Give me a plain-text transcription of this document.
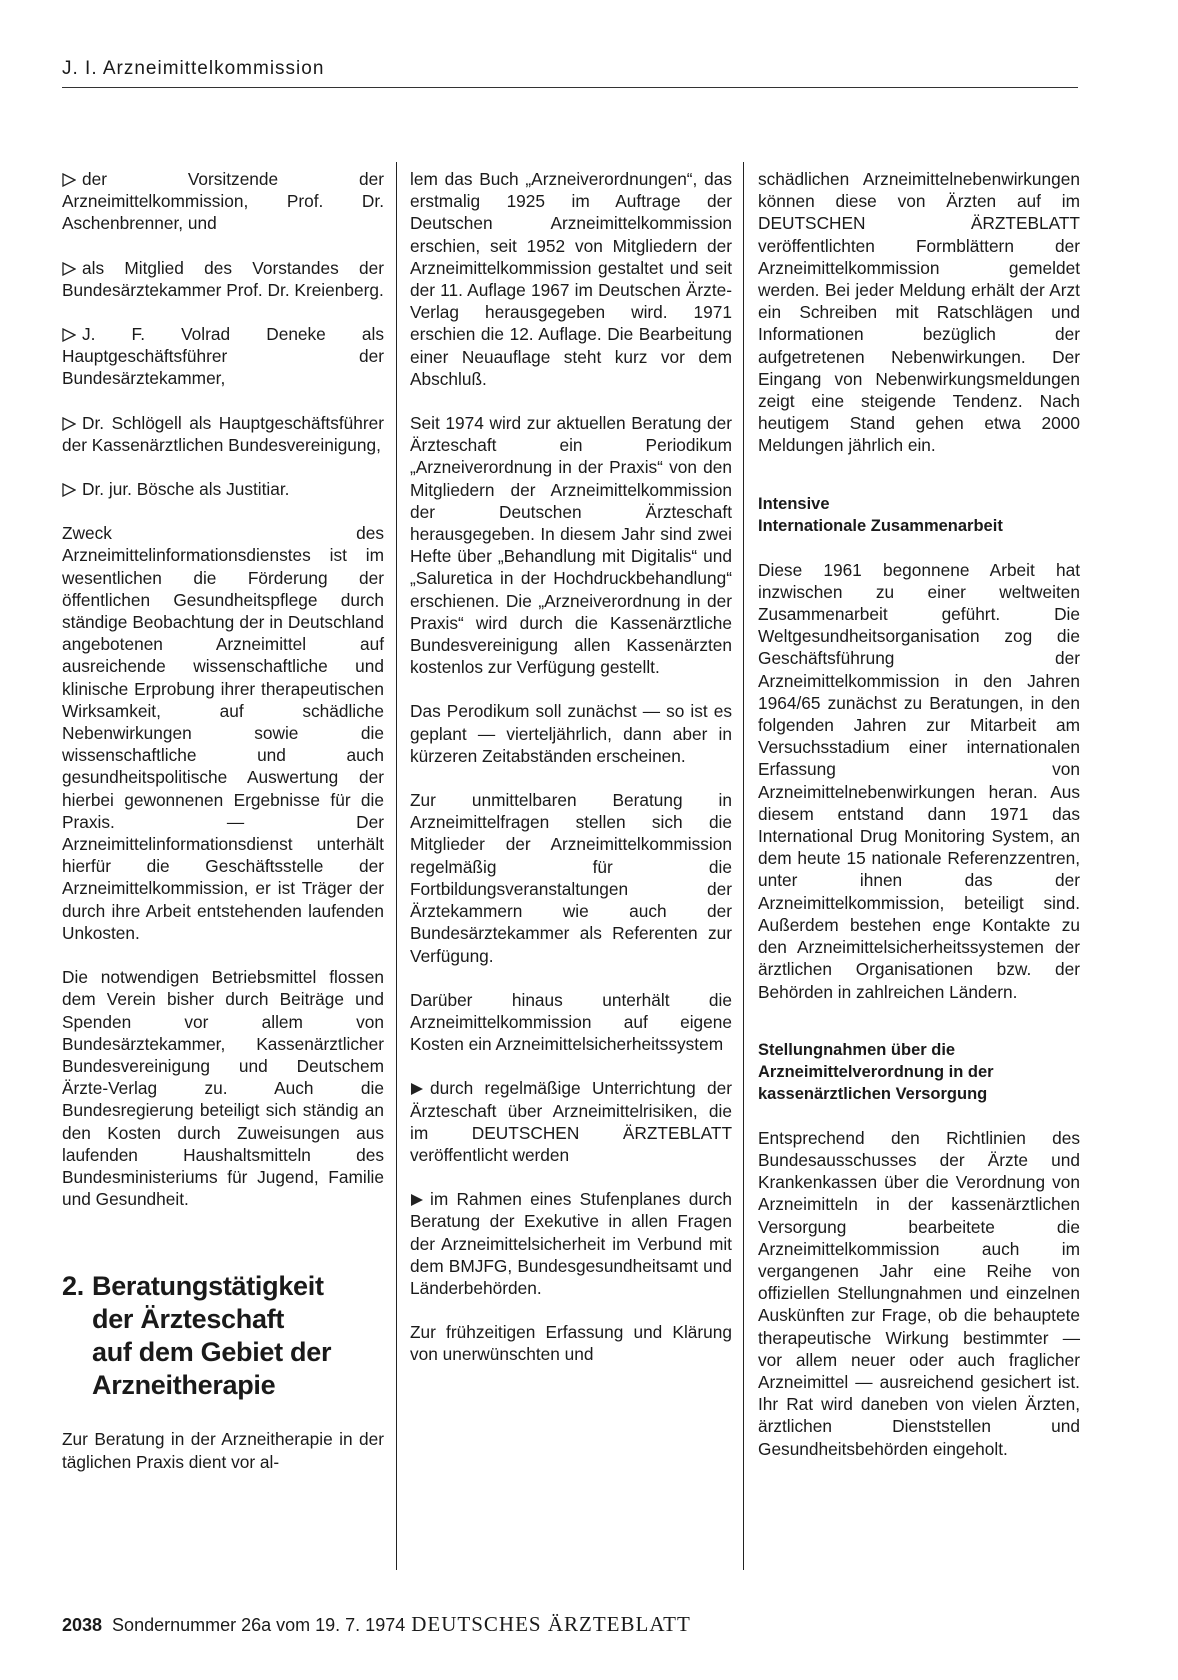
J. I. Arzneimittelkommission
der Vorsitzende der Arzneimittelkommission, Prof. Dr. Aschenbrenner, und
als Mitglied des Vorstandes der Bundesärztekammer Prof. Dr. Kreienberg.
J. F. Volrad Deneke als Hauptgeschäftsführer der Bundesärztekammer,
Dr. Schlögell als Hauptgeschäftsführer der Kassenärztlichen Bundesvereinigung,
Dr. jur. Bösche als Justitiar.

Zweck des Arzneimittelinformationsdienstes ist im wesentlichen die Förderung der öffentlichen Gesundheitspflege durch ständige Beobachtung der in Deutschland angebotenen Arzneimittel auf ausreichende wissenschaftliche und klinische Erprobung ihrer therapeutischen Wirksamkeit, auf schädliche Nebenwirkungen sowie die wissenschaftliche und auch gesundheitspolitische Auswertung der hierbei gewonnenen Ergebnisse für die Praxis. — Der Arzneimittelinformationsdienst unterhält hierfür die Geschäftsstelle der Arzneimittelkommission, er ist Träger der durch ihre Arbeit entstehenden laufenden Unkosten.

Die notwendigen Betriebsmittel flossen dem Verein bisher durch Beiträge und Spenden vor allem von Bundesärztekammer, Kassenärztlicher Bundesvereinigung und Deutschem Ärzte-Verlag zu. Auch die Bundesregierung beteiligt sich ständig an den Kosten durch Zuweisungen aus laufenden Haushaltsmitteln des Bundesministeriums für Jugend, Familie und Gesundheit.

2. Beratungstätigkeit
der Ärzteschaft
auf dem Gebiet der
Arzneitherapie

Zur Beratung in der Arzneitherapie in der täglichen Praxis dient vor al-

lem das Buch „Arzneiverordnungen“, das erstmalig 1925 im Auftrage der Deutschen Arzneimittelkommission erschien, seit 1952 von Mitgliedern der Arzneimittelkommission gestaltet und seit der 11. Auflage 1967 im Deutschen Ärzte-Verlag herausgegeben wird. 1971 erschien die 12. Auflage. Die Bearbeitung einer Neuauflage steht kurz vor dem Abschluß.

Seit 1974 wird zur aktuellen Beratung der Ärzteschaft ein Periodikum „Arzneiverordnung in der Praxis“ von den Mitgliedern der Arzneimittelkommission der Deutschen Ärzteschaft herausgegeben. In diesem Jahr sind zwei Hefte über „Behandlung mit Digitalis“ und „Saluretica in der Hochdruckbehandlung“ erschienen. Die „Arzneiverordnung in der Praxis“ wird durch die Kassenärztliche Bundesvereinigung allen Kassenärzten kostenlos zur Verfügung gestellt.

Das Perodikum soll zunächst — so ist es geplant — vierteljährlich, dann aber in kürzeren Zeitabständen erscheinen.

Zur unmittelbaren Beratung in Arzneimittelfragen stellen sich die Mitglieder der Arzneimittelkommission regelmäßig für die Fortbildungsveranstaltungen der Ärztekammern wie auch der Bundesärztekammer als Referenten zur Verfügung.

Darüber hinaus unterhält die Arzneimittelkommission auf eigene Kosten ein Arzneimittelsicherheitssystem

durch regelmäßige Unterrichtung der Ärzteschaft über Arzneimittelrisiken, die im DEUTSCHEN ÄRZTEBLATT veröffentlicht werden
im Rahmen eines Stufenplanes durch Beratung der Exekutive in allen Fragen der Arzneimittelsicherheit im Verbund mit dem BMJFG, Bundesgesundheitsamt und Länderbehörden.

Zur frühzeitigen Erfassung und Klärung von unerwünschten und

schädlichen Arzneimittelnebenwirkungen können diese von Ärzten auf im DEUTSCHEN ÄRZTEBLATT veröffentlichten Formblättern der Arzneimittelkommission gemeldet werden. Bei jeder Meldung erhält der Arzt ein Schreiben mit Ratschlägen und Informationen bezüglich der aufgetretenen Nebenwirkungen. Der Eingang von Nebenwirkungsmeldungen zeigt eine steigende Tendenz. Nach heutigem Stand gehen etwa 2000 Meldungen jährlich ein.

Intensive
Internationale Zusammenarbeit

Diese 1961 begonnene Arbeit hat inzwischen zu einer weltweiten Zusammenarbeit geführt. Die Weltgesundheitsorganisation zog die Geschäftsführung der Arzneimittelkommission in den Jahren 1964/65 zunächst zu Beratungen, in den folgenden Jahren zur Mitarbeit am Versuchsstadium einer internationalen Erfassung von Arzneimittelnebenwirkungen heran. Aus diesem entstand dann 1971 das International Drug Monitoring System, an dem heute 15 nationale Referenzzentren, unter ihnen das der Arzneimittelkommission, beteiligt sind. Außerdem bestehen enge Kontakte zu den Arzneimittelsicherheitssystemen der ärztlichen Organisationen bzw. der Behörden in zahlreichen Ländern.

Stellungnahmen über die
Arzneimittelverordnung in der
kassenärztlichen Versorgung

Entsprechend den Richtlinien des Bundesausschusses der Ärzte und Krankenkassen über die Verordnung von Arzneimitteln in der kassenärztlichen Versorgung bearbeitete die Arzneimittelkommission auch im vergangenen Jahr eine Reihe von offiziellen Stellungnahmen und einzelnen Auskünften zur Frage, ob die behauptete therapeutische Wirkung bestimmter — vor allem neuer oder auch fraglicher Arzneimittel — ausreichend gesichert ist. Ihr Rat wird daneben von vielen Ärzten, ärztlichen Dienststellen und Gesundheitsbehörden eingeholt.

2038 Sondernummer 26a vom 19. 7. 1974 DEUTSCHES ÄRZTEBLATT
